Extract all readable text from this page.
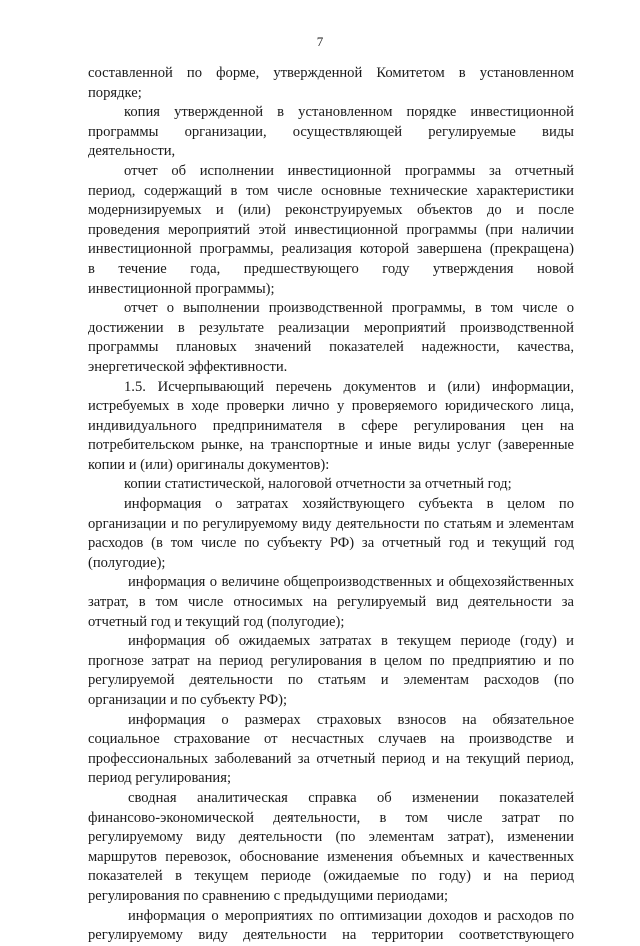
7
составленной по форме, утвержденной Комитетом в установленном
порядке;
копия утвержденной в установленном порядке инвестиционной
программы организации, осуществляющей регулируемые виды
деятельности,
отчет об исполнении инвестиционной программы за отчетный
период, содержащий в том числе основные технические характеристики
модернизируемых и (или) реконструируемых объектов до и после
проведения мероприятий этой инвестиционной программы (при наличии
инвестиционной программы, реализация которой завершена (прекращена)
в течение года, предшествующего году утверждения новой
инвестиционной программы);
отчет о выполнении производственной программы, в том числе о
достижении в результате реализации мероприятий производственной
программы плановых значений показателей надежности, качества,
энергетической эффективности.
1.5. Исчерпывающий перечень документов и (или) информации,
истребуемых в ходе проверки лично у проверяемого юридического лица,
индивидуального предпринимателя в сфере регулирования цен на
потребительском рынке, на транспортные и иные виды услуг (заверенные
копии и (или) оригиналы документов):
копии статистической, налоговой отчетности за отчетный год;
информация о затратах хозяйствующего субъекта в целом по
организации и по регулируемому виду деятельности по статьям и элементам
расходов (в том числе по субъекту РФ) за отчетный год и текущий год
(полугодие);
информация о величине общепроизводственных и общехозяйственных
затрат, в том числе относимых на регулируемый вид деятельности за
отчетный год и текущий год (полугодие);
информация об ожидаемых затратах в текущем периоде (году) и
прогнозе затрат на период регулирования в целом по предприятию и по
регулируемой деятельности по статьям и элементам расходов (по
организации и по субъекту РФ);
информация о размерах страховых взносов на обязательное
социальное страхование от несчастных случаев на производстве и
профессиональных заболеваний за отчетный период и на текущий период,
период регулирования;
сводная аналитическая справка об изменении показателей
финансово-экономической деятельности, в том числе затрат по
регулируемому виду деятельности (по элементам затрат), изменении
маршрутов перевозок, обоснование изменения объемных и качественных
показателей в текущем периоде (ожидаемые по году) и на период
регулирования по сравнению с предыдущими периодами;
информация о мероприятиях по оптимизации доходов и расходов по
регулируемому виду деятельности на территории соответствующего
